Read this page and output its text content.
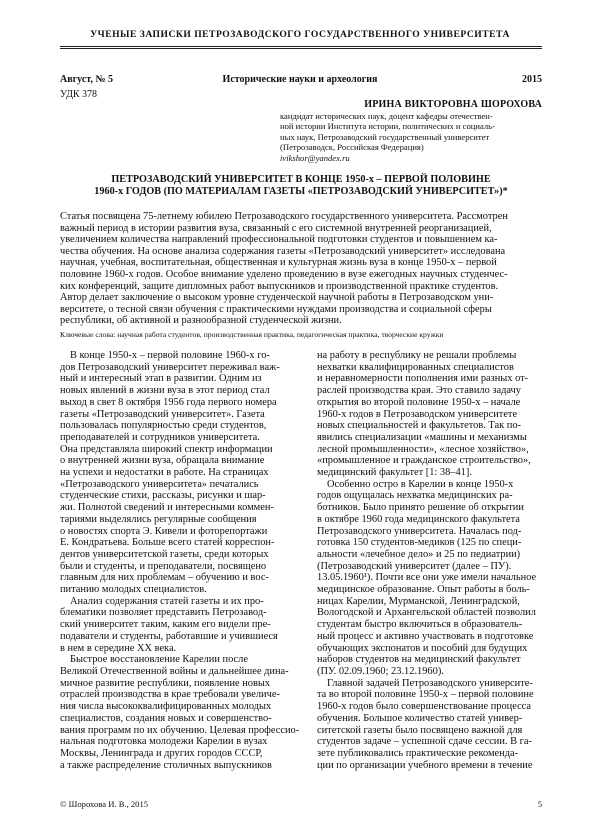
УЧЕНЫЕ ЗАПИСКИ ПЕТРОЗАВОДСКОГО ГОСУДАРСТВЕННОГО УНИВЕРСИТЕТА
Август, № 5	Исторические науки и археология	2015
УДК 378
ИРИНА ВИКТОРОВНА ШОРОХОВА
кандидат исторических наук, доцент кафедры отечествен-
ной истории Института истории, политических и социаль-
ных наук, Петрозаводский государственный университет
(Петрозаводск, Российская Федерация)
ivikshor@yandex.ru
ПЕТРОЗАВОДСКИЙ УНИВЕРСИТЕТ В КОНЦЕ 1950-х – ПЕРВОЙ ПОЛОВИНЕ
1960-х ГОДОВ (ПО МАТЕРИАЛАМ ГАЗЕТЫ «ПЕТРОЗАВОДСКИЙ УНИВЕРСИТЕТ»)*
Статья посвящена 75-летнему юбилею Петрозаводского государственного университета. Рассмотрен
важный период в истории развития вуза, связанный с его системной внутренней реорганизацией,
увеличением количества направлений профессиональной подготовки студентов и повышением ка-
чества обучения. На основе анализа содержания газеты «Петрозаводский университет» исследована
научная, учебная, воспитательная, общественная и культурная жизнь вуза в конце 1950-х – первой
половине 1960-х годов. Особое внимание уделено проведению в вузе ежегодных научных студенчес-
ких конференций, защите дипломных работ выпускников и производственной практике студентов.
Автор делает заключение о высоком уровне студенческой научной работы в Петрозаводском уни-
верситете, о тесной связи обучения с практическими нуждами производства и социальной сферы
республики, об активной и разнообразной студенческой жизни.
Ключевые слова: научная работа студентов, производственная практика, педагогическая практика, творческие кружки
В конце 1950-х – первой половине 1960-х го-
дов Петрозаводский университет переживал важ-
ный и интересный этап в развитии. Одним из
новых явлений в жизни вуза в этот период стал
выход в свет 8 октября 1956 года первого номера
газеты «Петрозаводский университет». Газета
пользовалась популярностью среди студентов,
преподавателей и сотрудников университета.
Она представляла широкий спектр информации
о внутренней жизни вуза, обращала внимание
на успехи и недостатки в работе. На страницах
«Петрозаводского университета» печатались
студенческие стихи, рассказы, рисунки и шар-
жи. Полнотой сведений и интересными коммен-
тариями выделялись регулярные сообщения
о новостях спорта Э. Кивели и фоторепортажи
Е. Кондратьева. Больше всего статей корреспон-
дентов университетской газеты, среди которых
были и студенты, и преподаватели, посвящено
главным для них проблемам – обучению и вос-
питанию молодых специалистов.
Анализ содержания статей газеты и их про-
блематики позволяет представить Петрозавод-
ский университет таким, каким его видели пре-
подаватели и студенты, работавшие и учившиеся
в нем в середине XX века.
Быстрое восстановление Карелии после
Великой Отечественной войны и дальнейшее дина-
мичное развитие республики, появление новых
отраслей производства в крае требовали увеличе-
ния числа высококвалифицированных молодых
специалистов, создания новых и совершенство-
вания программ по их обучению. Целевая профессио-
нальная подготовка молодежи Карелии в вузах
Москвы, Ленинграда и других городов СССР,
а также распределение столичных выпускников
на работу в республику не решали проблемы
нехватки квалифицированных специалистов
и неравномерности пополнения ими разных от-
раслей производства края. Это ставило задачу
открытия во второй половине 1950-х – начале
1960-х годов в Петрозаводском университете
новых специальностей и факультетов. Так по-
явились специализации «машины и механизмы
лесной промышленности», «лесное хозяйство»,
«промышленное и гражданское строительство»,
медицинский факультет [1: 38–41].
Особенно остро в Карелии в конце 1950-х
годов ощущалась нехватка медицинских ра-
ботников. Было принято решение об открытии
в октябре 1960 года медицинского факультета
Петрозаводского университета. Началась под-
готовка 150 студентов-медиков (125 по специ-
альности «лечебное дело» и 25 по педиатрии)
(Петрозаводский университет (далее – ПУ).
13.05.1960¹). Почти все они уже имели начальное
медицинское образование. Опыт работы в боль-
ницах Карелии, Мурманской, Ленинградской,
Вологодской и Архангельской областей позволил
студентам быстро включиться в образователь-
ный процесс и активно участвовать в подготовке
обучающих экспонатов и пособий для будущих
наборов студентов на медицинский факультет
(ПУ. 02.09.1960; 23.12.1960).
Главной задачей Петрозаводского университе-
та во второй половине 1950-х – первой половине
1960-х годов было совершенствование процесса
обучения. Большое количество статей универ-
ситетской газеты было посвящено важной для
студентов задаче – успешной сдаче сессии. В га-
зете публиковались практические рекоменда-
ции по организации учебного времени в течение
© Шорохова И. В., 2015	5
